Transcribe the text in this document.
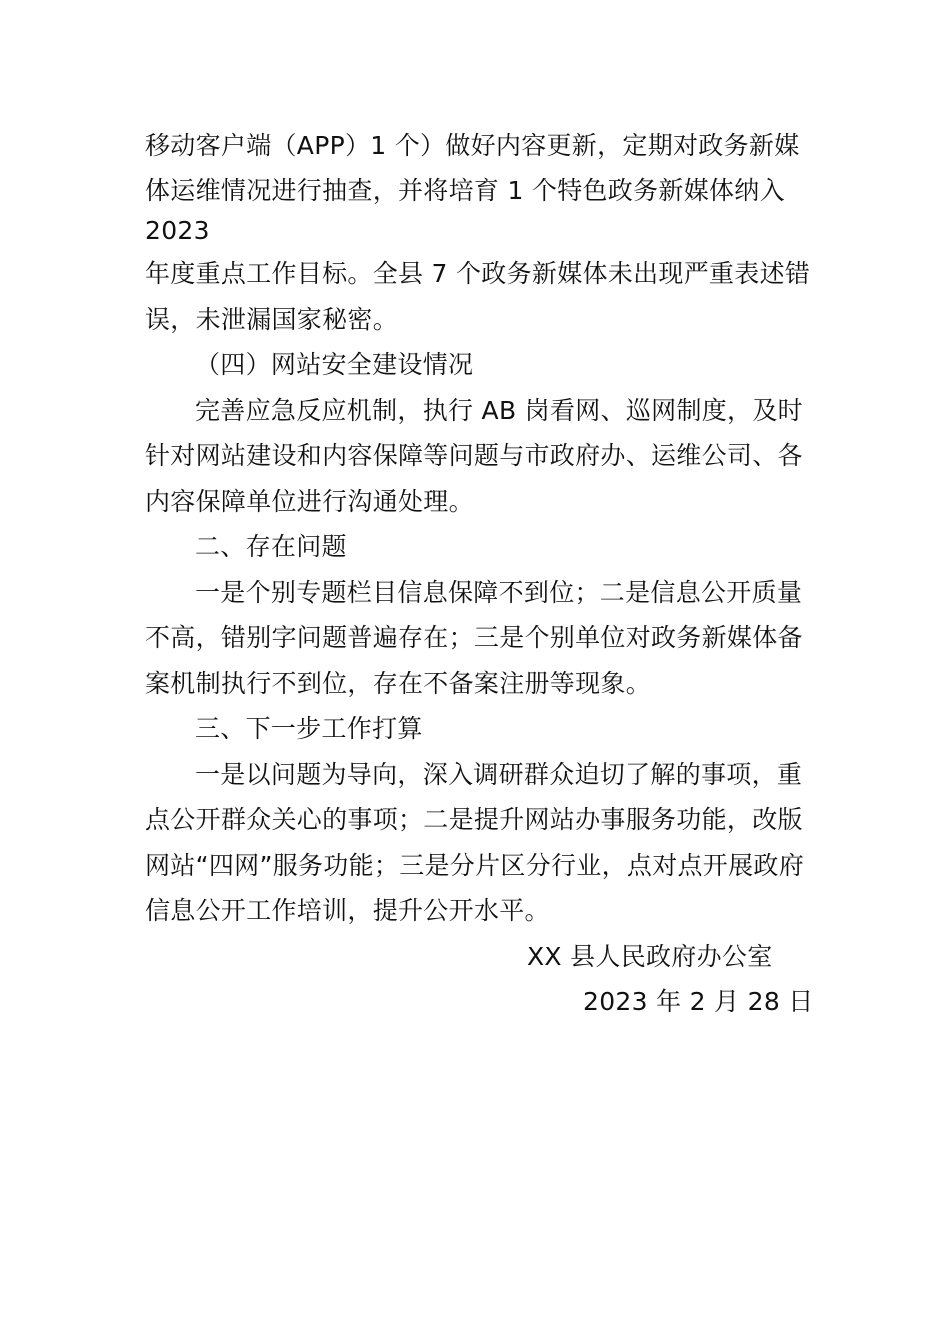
移动客户端（APP）1 个）做好内容更新，定期对政务新媒
体运维情况进行抽查，并将培育 1 个特色政务新媒体纳入
2023
年度重点工作目标。全县 7 个政务新媒体未出现严重表述错
误，未泄漏国家秘密。
（四）网站安全建设情况
完善应急反应机制，执行 AB 岗看网、巡网制度，及时
针对网站建设和内容保障等问题与市政府办、运维公司、各
内容保障单位进行沟通处理。
二、存在问题
一是个别专题栏目信息保障不到位；二是信息公开质量
不高，错别字问题普遍存在；三是个别单位对政务新媒体备
案机制执行不到位，存在不备案注册等现象。
三、下一步工作打算
一是以问题为导向，深入调研群众迫切了解的事项，重
点公开群众关心的事项；二是提升网站办事服务功能，改版
网站“四网”服务功能；三是分片区分行业，点对点开展政府
信息公开工作培训，提升公开水平。
XX 县人民政府办公室
2023 年 2 月 28 日
